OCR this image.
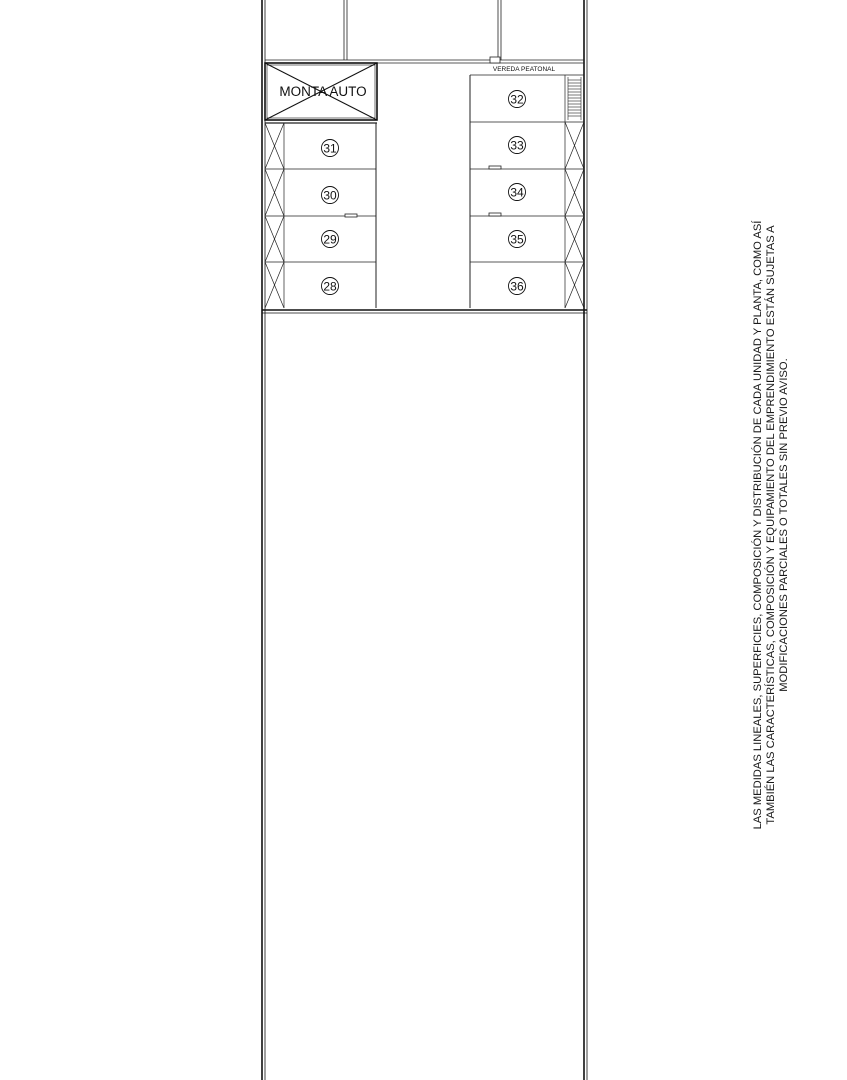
MONTA AUTO
VEREDA PEATONAL
31
30
29
28
32
33
34
35
36	LAS MEDIDAS LINEALES, SUPERFICIES, COMPOSICIÓN Y DISTRIBUCIÓN DE CADA UNIDAD Y PLANTA, COMO ASÍ TAMBIÉN LAS CARACTERÍSTICAS, COMPOSICIÓN Y EQUIPAMIENTO DEL EMPRENDIMIENTO ESTÁN SUJETAS A MODIFICACIONES PARCIALES O TOTALES SIN PREVIO AVISO.
